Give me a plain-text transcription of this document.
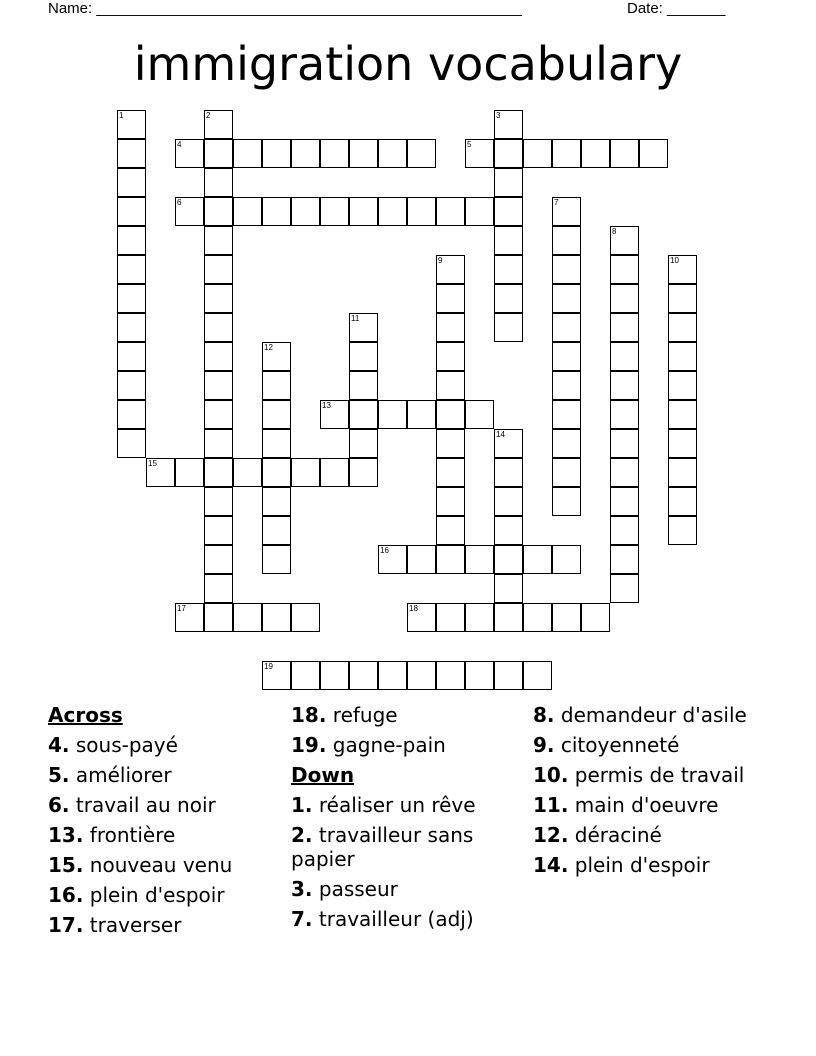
Name: ___________________________________________________	Date: _______
immigration vocabulary
1	2	3
4	5
6	7
8
9	10
11
12
13
14
15
16
17	18
19
Across
4. sous-payé
5. améliorer
6. travail au noir
13. frontière
15. nouveau venu
16. plein d'espoir
17. traverser
18. refuge
19. gagne-pain
Down
1. réaliser un rêve
2. travailleur sans papier
3. passeur
7. travailleur (adj)
8. demandeur d'asile
9. citoyenneté
10. permis de travail
11. main d'oeuvre
12. déraciné
14. plein d'espoir
